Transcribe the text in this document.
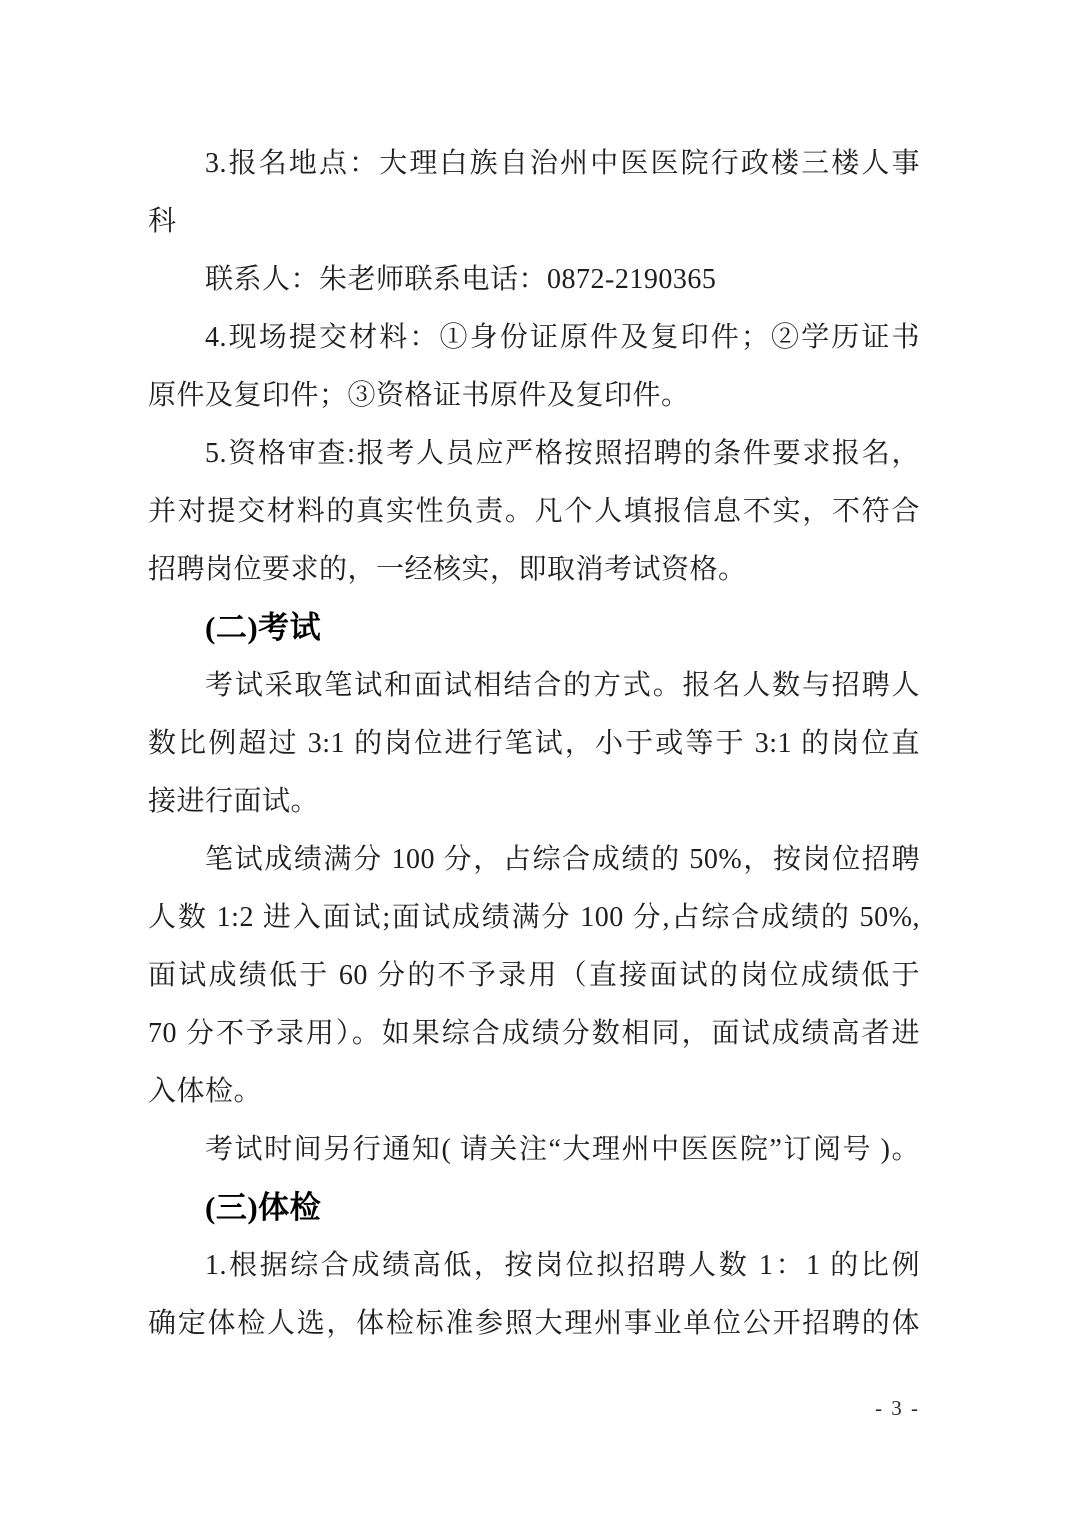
3.报名地点：大理白族自治州中医医院行政楼三楼人事
科
联系人：朱老师联系电话：0872-2190365
4.现场提交材料：①身份证原件及复印件；②学历证书
原件及复印件；③资格证书原件及复印件。
5.资格审查:报考人员应严格按照招聘的条件要求报名，
并对提交材料的真实性负责。凡个人填报信息不实，不符合
招聘岗位要求的，一经核实，即取消考试资格。
(二)考试
考试采取笔试和面试相结合的方式。报名人数与招聘人
数比例超过 3:1 的岗位进行笔试，小于或等于 3:1 的岗位直
接进行面试。
笔试成绩满分 100 分，占综合成绩的 50%，按岗位招聘
人数 1:2 进入面试;面试成绩满分 100 分,占综合成绩的 50%,
面试成绩低于 60 分的不予录用（直接面试的岗位成绩低于
70 分不予录用）。如果综合成绩分数相同，面试成绩高者进
入体检。
考试时间另行通知( 请关注“大理州中医医院”订阅号 )。
(三)体检
1.根据综合成绩高低，按岗位拟招聘人数 1：1 的比例
确定体检人选，体检标准参照大理州事业单位公开招聘的体
- 3 -
